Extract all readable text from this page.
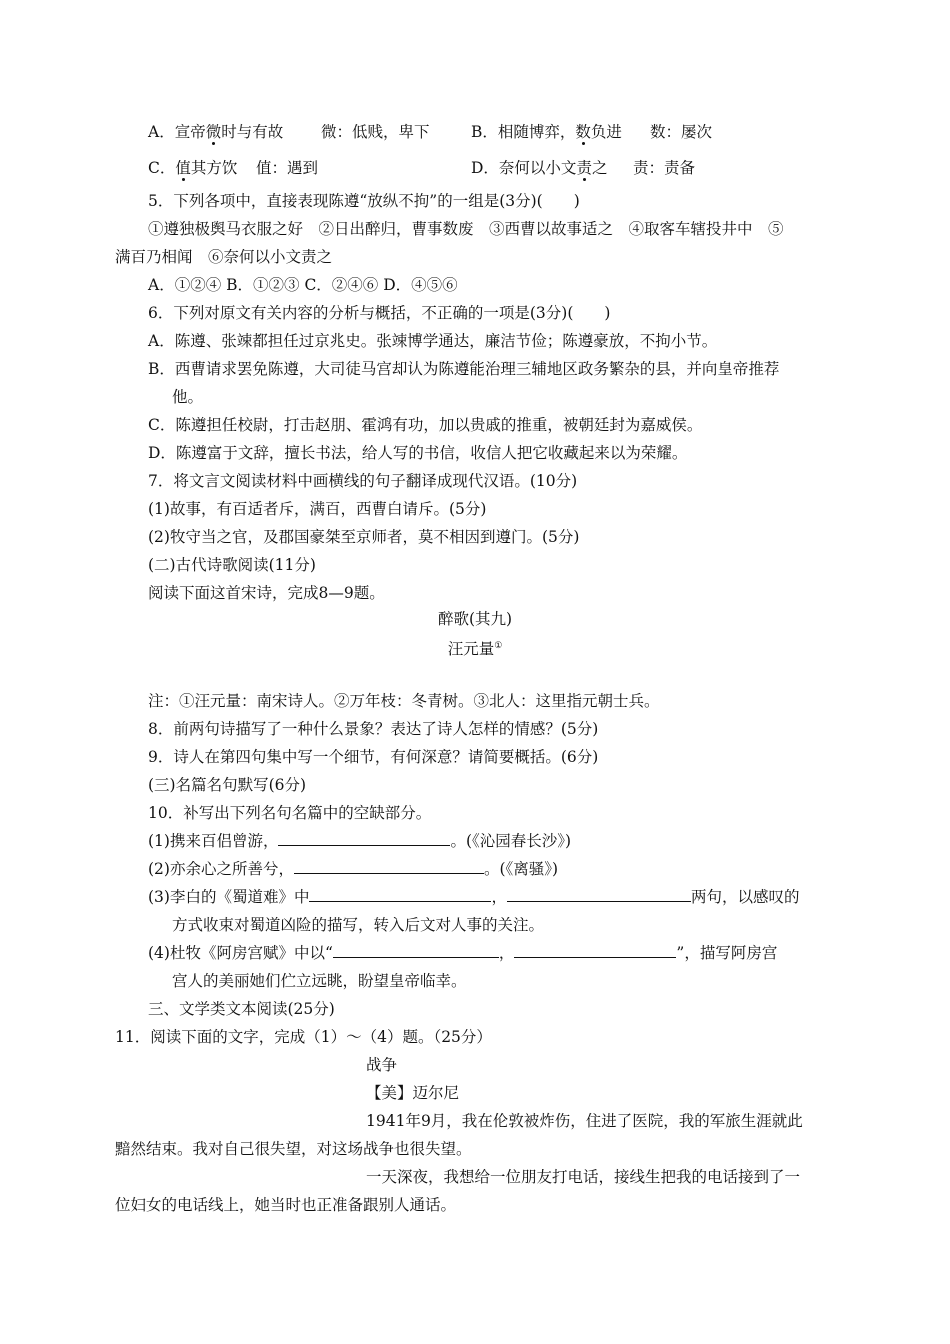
A．宣帝微时与有故 微：低贱，卑下	B．相随博弈，数负进 数：屡次
C．值其方饮 值：遇到	D．奈何以小文责之 责：责备
5．下列各项中，直接表现陈遵“放纵不拘”的一组是(3分)(　　)
①遵独极舆马衣服之好　②日出醉归，曹事数废　③西曹以故事适之　④取客车辖投井中　⑤
满百乃相闻　⑥奈何以小文责之
A．①②④ B．①②③ C．②④⑥ D．④⑤⑥
6．下列对原文有关内容的分析与概括，不正确的一项是(3分)(　　)
A．陈遵、张竦都担任过京兆史。张竦博学通达，廉洁节俭；陈遵豪放，不拘小节。
B．西曹请求罢免陈遵，大司徒马宫却认为陈遵能治理三辅地区政务繁杂的县，并向皇帝推荐
他。
C．陈遵担任校尉，打击赵朋、霍鸿有功，加以贵戚的推重，被朝廷封为嘉威侯。
D．陈遵富于文辞，擅长书法，给人写的书信，收信人把它收藏起来以为荣耀。
7．将文言文阅读材料中画横线的句子翻译成现代汉语。(10分)
(1)故事，有百适者斥，满百，西曹白请斥。(5分)
(2)牧守当之官，及郡国豪桀至京师者，莫不相因到遵门。(5分)
(二)古代诗歌阅读(11分)
阅读下面这首宋诗，完成8—9题。
醉歌(其九)
汪元量①
注：①汪元量：南宋诗人。②万年枝：冬青树。③北人：这里指元朝士兵。
8．前两句诗描写了一种什么景象？表达了诗人怎样的情感？(5分)
9．诗人在第四句集中写一个细节，有何深意？请简要概括。(6分)
(三)名篇名句默写(6分)
10．补写出下列名句名篇中的空缺部分。
(1)携来百侣曾游，	。(《沁园春长沙》)
(2)亦余心之所善兮，	。(《离骚》)
(3)李白的《蜀道难》中	，	两句，以感叹的
方式收束对蜀道凶险的描写，转入后文对人事的关注。
(4)杜牧《阿房宫赋》中以“	，	”，描写阿房宫
宫人的美丽她们伫立远眺，盼望皇帝临幸。
三、文学类文本阅读(25分)
11．阅读下面的文字，完成（1）～（4）题。（25分）
战争
【美】迈尔尼
1941年9月，我在伦敦被炸伤，住进了医院，我的军旅生涯就此
黯然结束。我对自己很失望，对这场战争也很失望。
一天深夜，我想给一位朋友打电话，接线生把我的电话接到了一
位妇女的电话线上，她当时也正准备跟别人通话。
